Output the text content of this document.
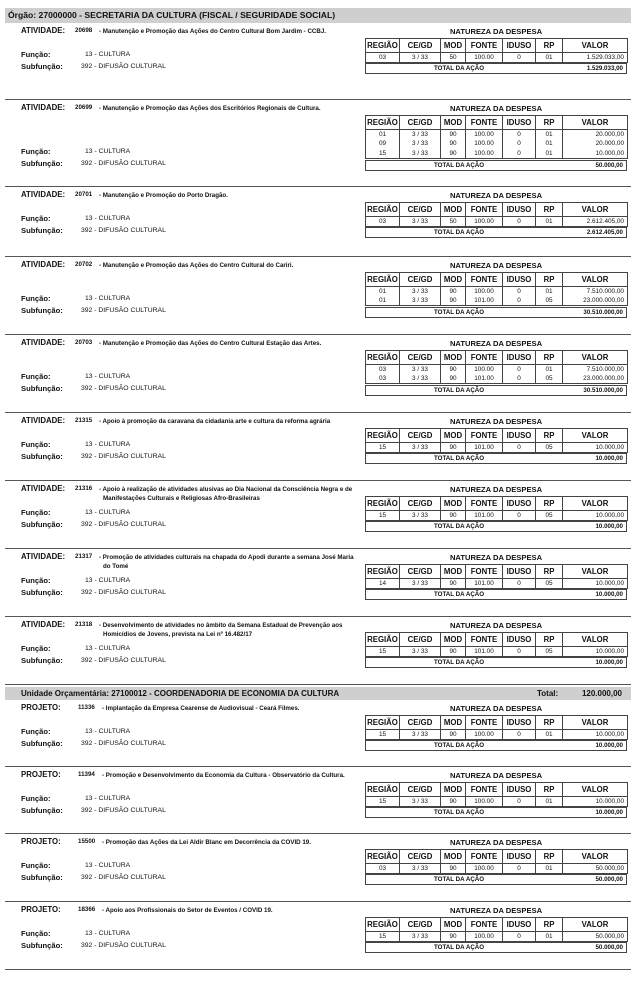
Órgão: 27000000 - SECRETARIA DA CULTURA (FISCAL / SEGURIDADE SOCIAL)
ATIVIDADE: 20698 - Manutenção e Promoção das Ações do Centro Cultural Bom Jardim - CCBJ.	NATUREZA DA DESPESA
REGIÃO	CE/GD	MOD	FONTE	IDUSO	RP	VALOR
03	3 / 33	50	100.00	0	01	1.529.033,00
TOTAL DA AÇÃO	1.529.033,00
Função:	13 - CULTURA
Subfunção:	392 - DIFUSÃO CULTURAL
ATIVIDADE: 20699 - Manutenção e Promoção das Ações dos Escritórios Regionais de Cultura.	NATUREZA DA DESPESA
REGIÃO	CE/GD	MOD	FONTE	IDUSO	RP	VALOR
01	3 / 33	90	100.00	0	01	20.000,00
09	3 / 33	90	100.00	0	01	20.000,00
15	3 / 33	90	100.00	0	01	10.000,00
TOTAL DA AÇÃO	50.000,00
Função:	13 - CULTURA
Subfunção:	392 - DIFUSÃO CULTURAL
ATIVIDADE: 20701 - Manutenção e Promoção do Porto Dragão.	NATUREZA DA DESPESA
REGIÃO	CE/GD	MOD	FONTE	IDUSO	RP	VALOR
03	3 / 33	50	100.00	0	01	2.612.405,00
TOTAL DA AÇÃO	2.612.405,00
Função:	13 - CULTURA
Subfunção:	392 - DIFUSÃO CULTURAL
ATIVIDADE: 20702 - Manutenção e Promoção das Ações do Centro Cultural do Cariri.	NATUREZA DA DESPESA
REGIÃO	CE/GD	MOD	FONTE	IDUSO	RP	VALOR
01	3 / 33	90	100.00	0	01	7.510.000,00
01	3 / 33	90	101.00	0	05	23.000.000,00
TOTAL DA AÇÃO	30.510.000,00
Função:	13 - CULTURA
Subfunção:	392 - DIFUSÃO CULTURAL
ATIVIDADE: 20703 - Manutenção e Promoção das Ações do Centro Cultural Estação das Artes.	NATUREZA DA DESPESA
REGIÃO	CE/GD	MOD	FONTE	IDUSO	RP	VALOR
03	3 / 33	90	100.00	0	01	7.510.000,00
03	3 / 33	90	101.00	0	05	23.000.000,00
TOTAL DA AÇÃO	30.510.000,00
Função:	13 - CULTURA
Subfunção:	392 - DIFUSÃO CULTURAL
ATIVIDADE: 21315 - Apoio à promoção da caravana da cidadania arte e cultura da reforma agrária	NATUREZA DA DESPESA
REGIÃO	CE/GD	MOD	FONTE	IDUSO	RP	VALOR
15	3 / 33	90	101.00	0	05	10.000,00
TOTAL DA AÇÃO	10.000,00
Função:	13 - CULTURA
Subfunção:	392 - DIFUSÃO CULTURAL
ATIVIDADE: 21316 - Apoio à realização de atividades alusivas ao Dia Nacional da Consciência Negra e de Manifestações Culturais e Religiosas Afro-Brasileiras
NATUREZA DA DESPESA
REGIÃO	CE/GD	MOD	FONTE	IDUSO	RP	VALOR
15	3 / 33	90	101.00	0	05	10.000,00
TOTAL DA AÇÃO	10.000,00
Função:	13 - CULTURA
Subfunção:	392 - DIFUSÃO CULTURAL
ATIVIDADE: 21317 - Promoção de atividades culturais na chapada do Apodi durante a semana José Maria do Tomé
NATUREZA DA DESPESA
REGIÃO	CE/GD	MOD	FONTE	IDUSO	RP	VALOR
14	3 / 33	90	101.00	0	05	10.000,00
TOTAL DA AÇÃO	10.000,00
Função:	13 - CULTURA
Subfunção:	392 - DIFUSÃO CULTURAL
ATIVIDADE: 21318 - Desenvolvimento de atividades no âmbito da Semana Estadual de Prevenção aos Homicídios de Jovens, prevista na Lei nº 16.482/17
NATUREZA DA DESPESA
REGIÃO	CE/GD	MOD	FONTE	IDUSO	RP	VALOR
15	3 / 33	90	101.00	0	05	10.000,00
TOTAL DA AÇÃO	10.000,00
Função:	13 - CULTURA
Subfunção:	392 - DIFUSÃO CULTURAL
Unidade Orçamentária: 27100012 - COORDENADORIA DE ECONOMIA DA CULTURA	Total:	120.000,00
PROJETO:	11336 - Implantação da Empresa Cearense de Audiovisual - Ceará Filmes.	NATUREZA DA DESPESA
REGIÃO	CE/GD	MOD	FONTE	IDUSO	RP	VALOR
15	3 / 33	90	100.00	0	01	10.000,00
TOTAL DA AÇÃO	10.000,00
Função:	13 - CULTURA
Subfunção:	392 - DIFUSÃO CULTURAL
PROJETO:	11394 - Promoção e Desenvolvimento da Economia da Cultura - Observatório da Cultura.	NATUREZA DA DESPESA
REGIÃO	CE/GD	MOD	FONTE	IDUSO	RP	VALOR
15	3 / 33	90	100.00	0	01	10.000,00
TOTAL DA AÇÃO	10.000,00
Função:	13 - CULTURA
Subfunção:	392 - DIFUSÃO CULTURAL
PROJETO:	15500 - Promoção das Ações da Lei Aldir Blanc em Decorrência da COVID 19.	NATUREZA DA DESPESA
REGIÃO	CE/GD	MOD	FONTE	IDUSO	RP	VALOR
03	3 / 33	90	100.00	0	01	50.000,00
TOTAL DA AÇÃO	50.000,00
Função:	13 - CULTURA
Subfunção:	392 - DIFUSÃO CULTURAL
PROJETO:	18366 - Apoio aos Profissionais do Setor de Eventos / COVID 19.	NATUREZA DA DESPESA
REGIÃO	CE/GD	MOD	FONTE	IDUSO	RP	VALOR
15	3 / 33	90	100.00	0	01	50.000,00
TOTAL DA AÇÃO	50.000,00
Função:	13 - CULTURA
Subfunção:	392 - DIFUSÃO CULTURAL
